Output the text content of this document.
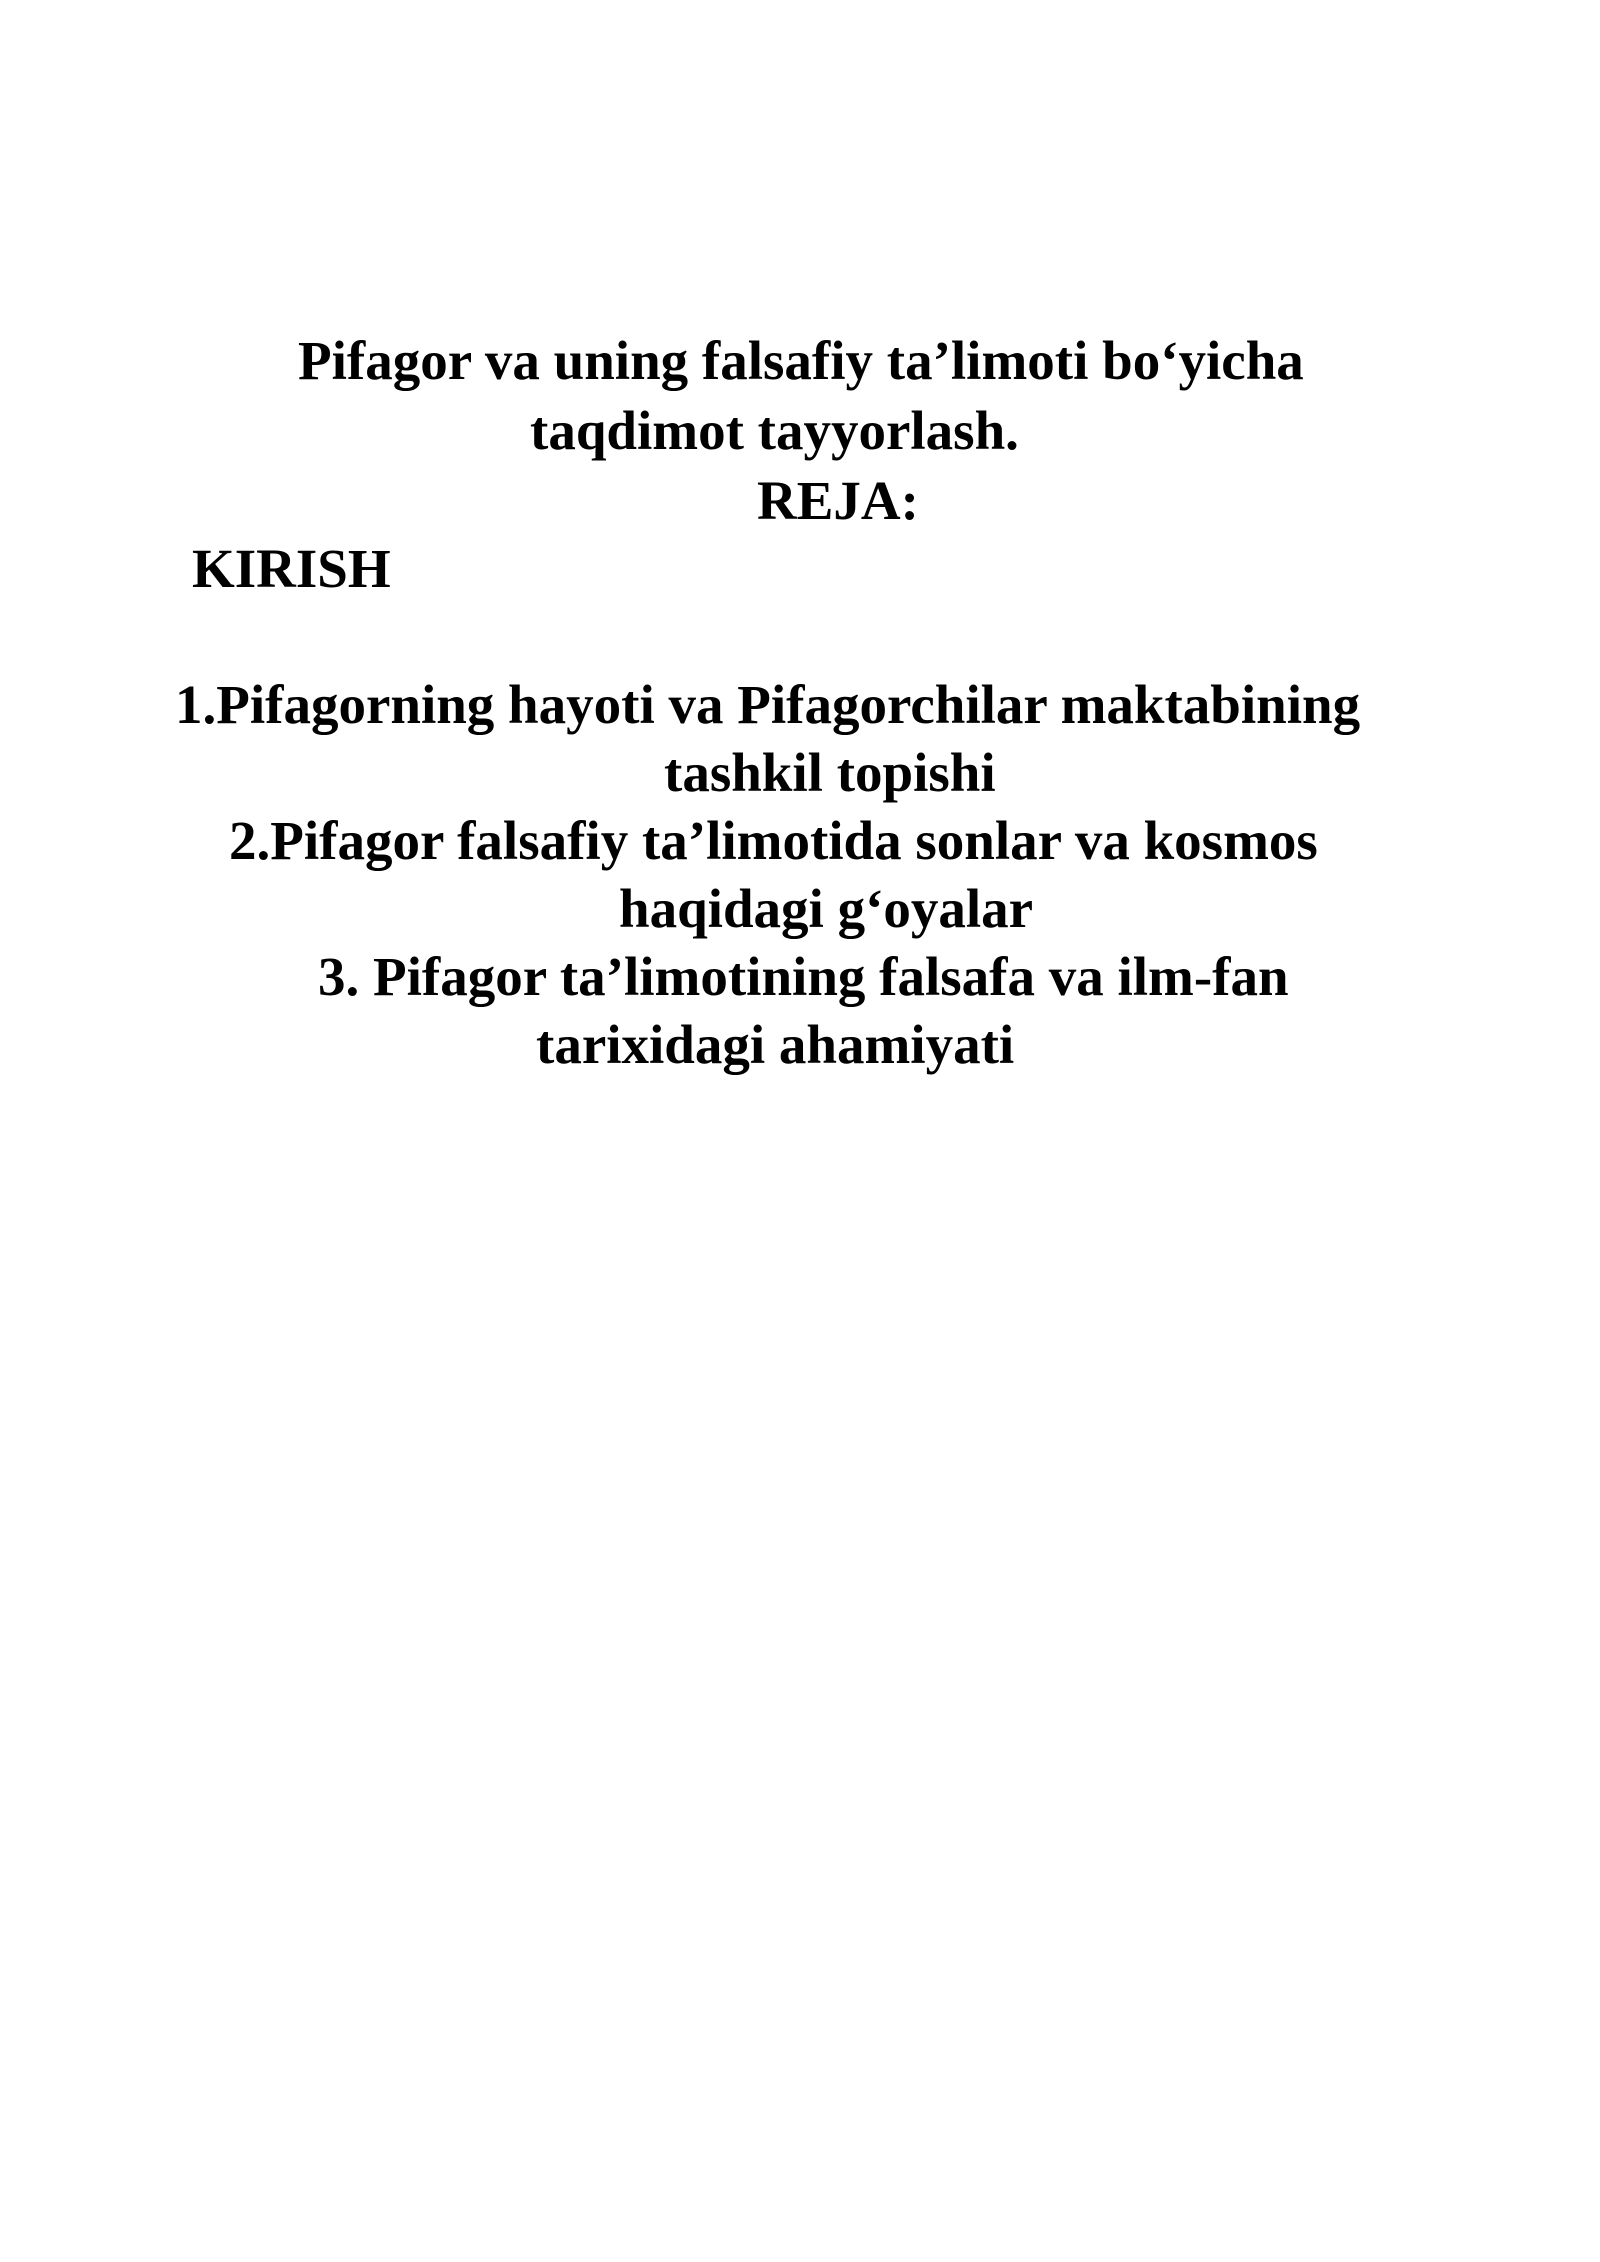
Pifagor va uning falsafiy ta’limoti bo‘yicha
taqdimot tayyorlash.
REJA:
KIRISH
1.Pifagorning hayoti va Pifagorchilar maktabining
tashkil topishi
2.Pifagor falsafiy ta’limotida sonlar va kosmos
haqidagi g‘oyalar
3. Pifagor ta’limotining falsafa va ilm-fan
tarixidagi ahamiyati
